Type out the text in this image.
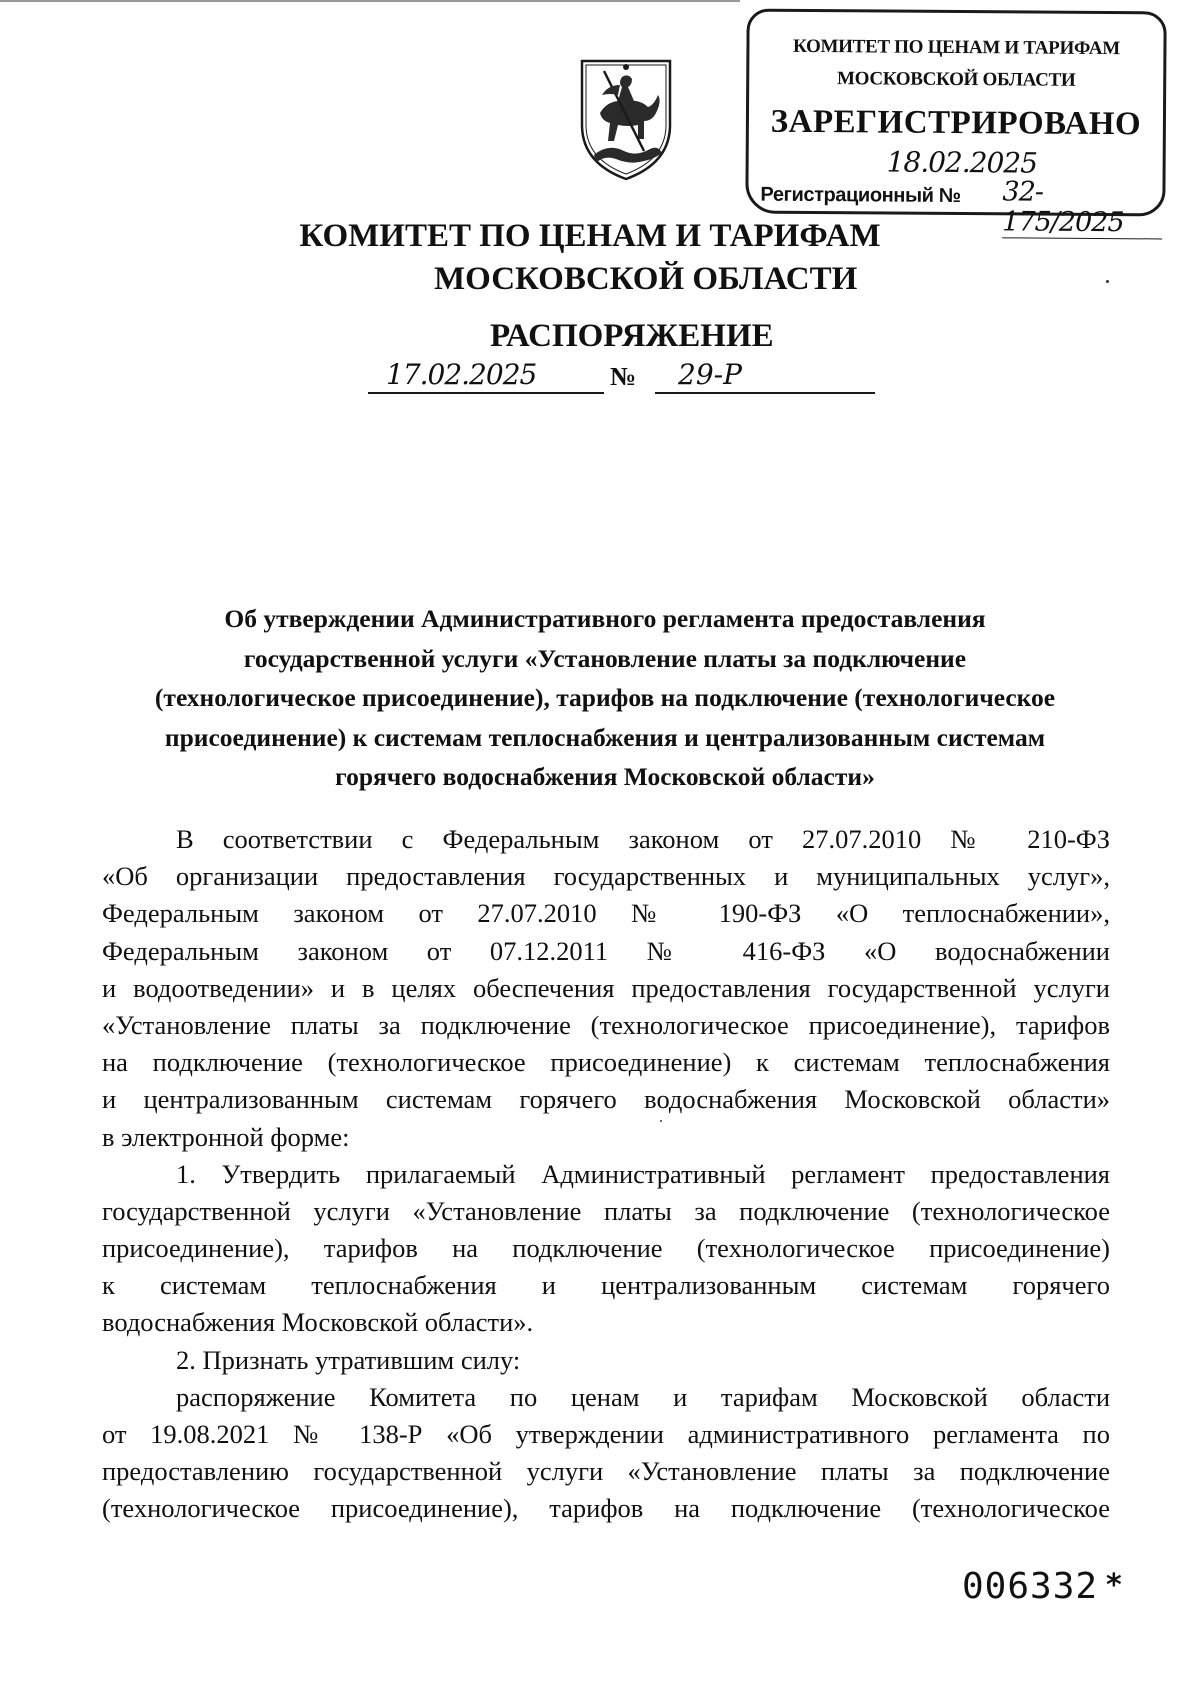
КОМИТЕТ ПО ЦЕНАМ И ТАРИФАМ
МОСКОВСКОЙ ОБЛАСТИ
ЗАРЕГИСТРИРОВАНО
18.02.2025
Регистрационный № 32-175/2025
КОМИТЕТ ПО ЦЕНАМ И ТАРИФАМ
МОСКОВСКОЙ ОБЛАСТИ
РАСПОРЯЖЕНИЕ
17.02.2025	№ 29-Р
Об утверждении Административного регламента предоставления
государственной услуги «Установление платы за подключение
(технологическое присоединение), тарифов на подключение (технологическое
присоединение) к системам теплоснабжения и централизованным системам
горячего водоснабжения Московской области»
В соответствии с Федеральным законом от 27.07.2010 № 210-ФЗ
«Об организации предоставления государственных и муниципальных услуг»,
Федеральным законом от 27.07.2010 № 190-ФЗ «О теплоснабжении»,
Федеральным законом от 07.12.2011 № 416-ФЗ «О водоснабжении
и водоотведении» и в целях обеспечения предоставления государственной услуги
«Установление платы за подключение (технологическое присоединение), тарифов
на подключение (технологическое присоединение) к системам теплоснабжения
и централизованным системам горячего водоснабжения Московской области»
в электронной форме:
1. Утвердить прилагаемый Административный регламент предоставления
государственной услуги «Установление платы за подключение (технологическое
присоединение), тарифов на подключение (технологическое присоединение)
к системам теплоснабжения и централизованным системам горячего
водоснабжения Московской области».
2. Признать утратившим силу:
распоряжение Комитета по ценам и тарифам Московской области
от 19.08.2021 № 138-Р «Об утверждении административного регламента по
предоставлению государственной услуги «Установление платы за подключение
(технологическое присоединение), тарифов на подключение (технологическое
006332 *
